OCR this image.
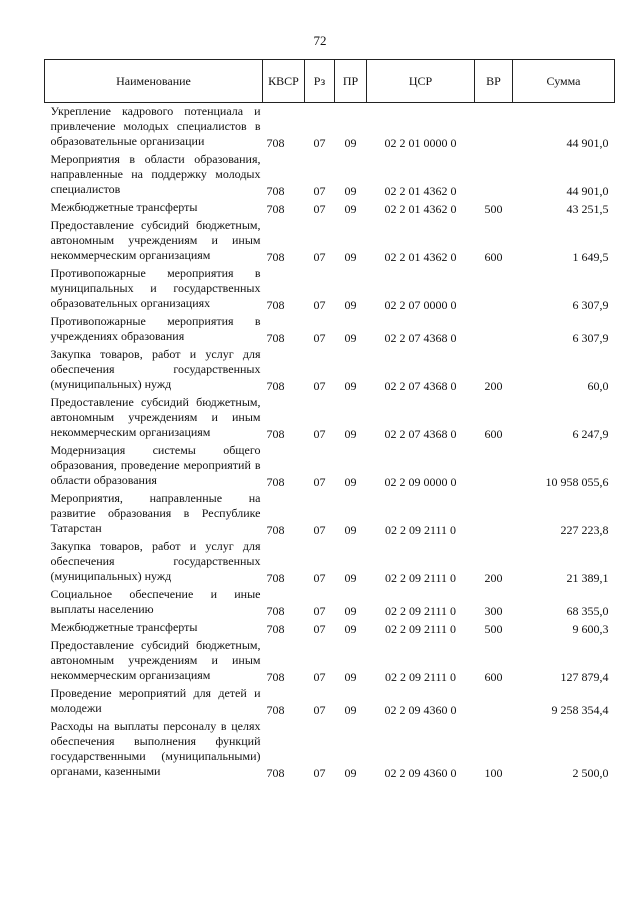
72
Наименование	КВСР	Рз	ПР	ЦСР	ВР	Сумма
Укрепление кадрового потенциала и привлечение молодых специалистов в образовательные организации	708	07	09	02 2 01 0000 0		44 901,0
Мероприятия в области образования, направленные на поддержку молодых специалистов	708	07	09	02 2 01 4362 0		44 901,0
Межбюджетные трансферты	708	07	09	02 2 01 4362 0	500	43 251,5
Предоставление субсидий бюджетным, автономным учреждениям и иным некоммерческим организациям	708	07	09	02 2 01 4362 0	600	1 649,5
Противопожарные мероприятия в муниципальных и государственных образовательных организациях	708	07	09	02 2 07 0000 0		6 307,9
Противопожарные мероприятия в учреждениях образования	708	07	09	02 2 07 4368 0		6 307,9
Закупка товаров, работ и услуг для обеспечения государственных (муниципальных) нужд	708	07	09	02 2 07 4368 0	200	60,0
Предоставление субсидий бюджетным, автономным учреждениям и иным некоммерческим организациям	708	07	09	02 2 07 4368 0	600	6 247,9
Модернизация системы общего образования, проведение мероприятий в области образования	708	07	09	02 2 09 0000 0		10 958 055,6
Мероприятия, направленные на развитие образования в Республике Татарстан	708	07	09	02 2 09 2111 0		227 223,8
Закупка товаров, работ и услуг для обеспечения государственных (муниципальных) нужд	708	07	09	02 2 09 2111 0	200	21 389,1
Социальное обеспечение и иные выплаты населению	708	07	09	02 2 09 2111 0	300	68 355,0
Межбюджетные трансферты	708	07	09	02 2 09 2111 0	500	9 600,3
Предоставление субсидий бюджетным, автономным учреждениям и иным некоммерческим организациям	708	07	09	02 2 09 2111 0	600	127 879,4
Проведение мероприятий для детей и молодежи	708	07	09	02 2 09 4360 0		9 258 354,4
Расходы на выплаты персоналу в целях обеспечения выполнения функций государственными (муниципальными) органами, казенными	708	07	09	02 2 09 4360 0	100	2 500,0
